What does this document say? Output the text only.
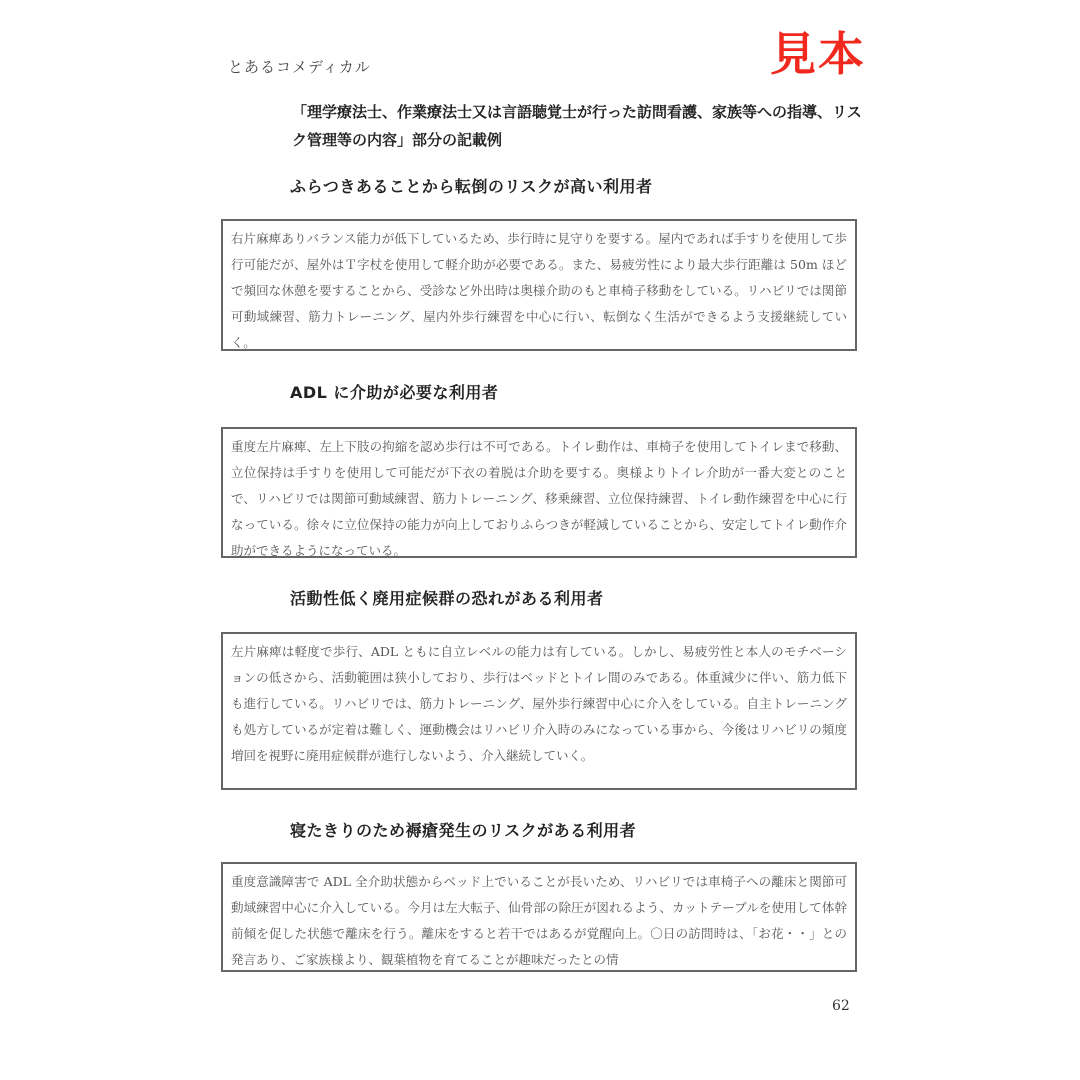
とあるコメディカル	見本
「理学療法士、作業療法士又は言語聴覚士が行った訪問看護、家族等への指導、リスク管理等の内容」部分の記載例
ふらつきあることから転倒のリスクが高い利用者
右片麻痺ありバランス能力が低下しているため、歩行時に見守りを要する。屋内であれば手すりを使用して歩行可能だが、屋外はＴ字杖を使用して軽介助が必要である。また、易疲労性により最大歩行距離は 50m ほどで頻回な休憩を要することから、受診など外出時は奥様介助のもと車椅子移動をしている。リハビリでは関節可動域練習、筋力トレーニング、屋内外歩行練習を中心に行い、転倒なく生活ができるよう支援継続していく。
ADL に介助が必要な利用者
重度左片麻痺、左上下肢の拘縮を認め歩行は不可である。トイレ動作は、車椅子を使用してトイレまで移動、立位保持は手すりを使用して可能だが下衣の着脱は介助を要する。奥様よりトイレ介助が一番大変とのことで、リハビリでは関節可動域練習、筋力トレーニング、移乗練習、立位保持練習、トイレ動作練習を中心に行なっている。徐々に立位保持の能力が向上しておりふらつきが軽減していることから、安定してトイレ動作介助ができるようになっている。
活動性低く廃用症候群の恐れがある利用者
左片麻痺は軽度で歩行、ADL ともに自立レベルの能力は有している。しかし、易疲労性と本人のモチベーションの低さから、活動範囲は狭小しており、歩行はベッドとトイレ間のみである。体重減少に伴い、筋力低下も進行している。リハビリでは、筋力トレーニング、屋外歩行練習中心に介入をしている。自主トレーニングも処方しているが定着は難しく、運動機会はリハビリ介入時のみになっている事から、今後はリハビリの頻度増回を視野に廃用症候群が進行しないよう、介入継続していく。
寝たきりのため褥瘡発生のリスクがある利用者
重度意識障害で ADL 全介助状態からベッド上でいることが長いため、リハビリでは車椅子への離床と関節可動域練習中心に介入している。今月は左大転子、仙骨部の除圧が図れるよう、カットテーブルを使用して体幹前傾を促した状態で離床を行う。離床をすると若干ではあるが覚醒向上。〇日の訪問時は、「お花・・」との発言あり、ご家族様より、観葉植物を育てることが趣味だったとの情
62
